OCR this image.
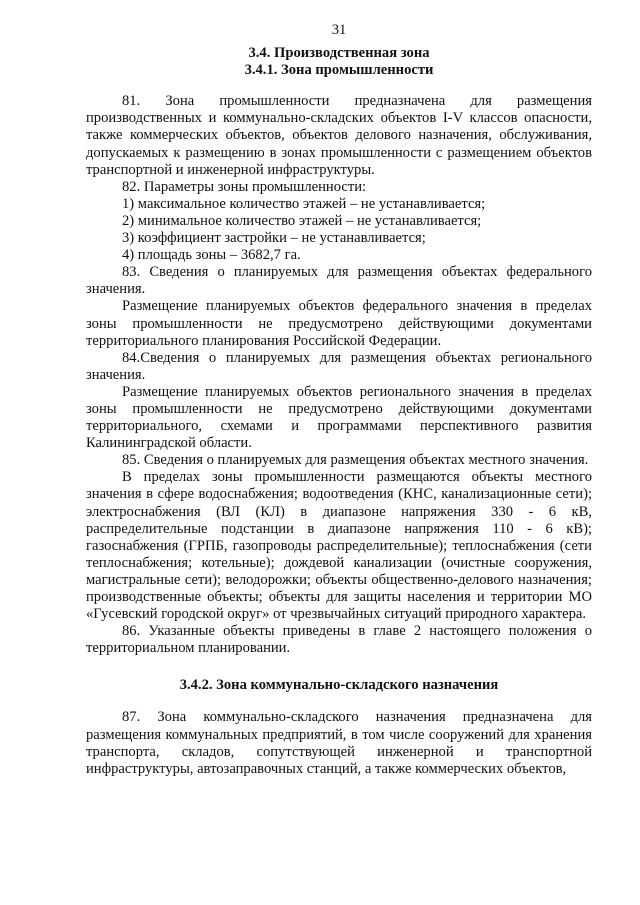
31
3.4. Производственная зона
3.4.1. Зона промышленности

81. Зона промышленности предназначена для размещения производственных и коммунально-складских объектов I-V классов опасности, также коммерческих объектов, объектов делового назначения, обслуживания, допускаемых к размещению в зонах промышленности с размещением объектов транспортной и инженерной инфраструктуры.

82. Параметры зоны промышленности:

1) максимальное количество этажей – не устанавливается;

2) минимальное количество этажей – не устанавливается;

3) коэффициент застройки – не устанавливается;

4) площадь зоны – 3682,7 га.

83. Сведения о планируемых для размещения объектах федерального значения.

Размещение планируемых объектов федерального значения в пределах зоны промышленности не предусмотрено действующими документами территориального планирования Российской Федерации.

84.Сведения о планируемых для размещения объектах регионального значения.

Размещение планируемых объектов регионального значения в пределах зоны промышленности не предусмотрено действующими документами территориального, схемами и программами перспективного развития Калининградской области.

85. Сведения о планируемых для размещения объектах местного значения.

В пределах зоны промышленности размещаются объекты местного значения в сфере водоснабжения; водоотведения (КНС, канализационные сети); электроснабжения (ВЛ (КЛ) в диапазоне напряжения 330 - 6 кВ, распределительные подстанции в диапазоне напряжения 110 - 6 кВ); газоснабжения (ГРПБ, газопроводы распределительные); теплоснабжения (сети теплоснабжения; котельные); дождевой канализации (очистные сооружения, магистральные сети); велодорожки; объекты общественно-делового назначения; производственные объекты; объекты для защиты населения и территории МО «Гусевский городской округ» от чрезвычайных ситуаций природного характера.

86. Указанные объекты приведены в главе 2 настоящего положения о территориальном планировании.

3.4.2. Зона коммунально-складского назначения

87. Зона коммунально-складского назначения предназначена для размещения коммунальных предприятий, в том числе сооружений для хранения транспорта, складов, сопутствующей инженерной и транспортной инфраструктуры, автозаправочных станций, а также коммерческих объектов,
